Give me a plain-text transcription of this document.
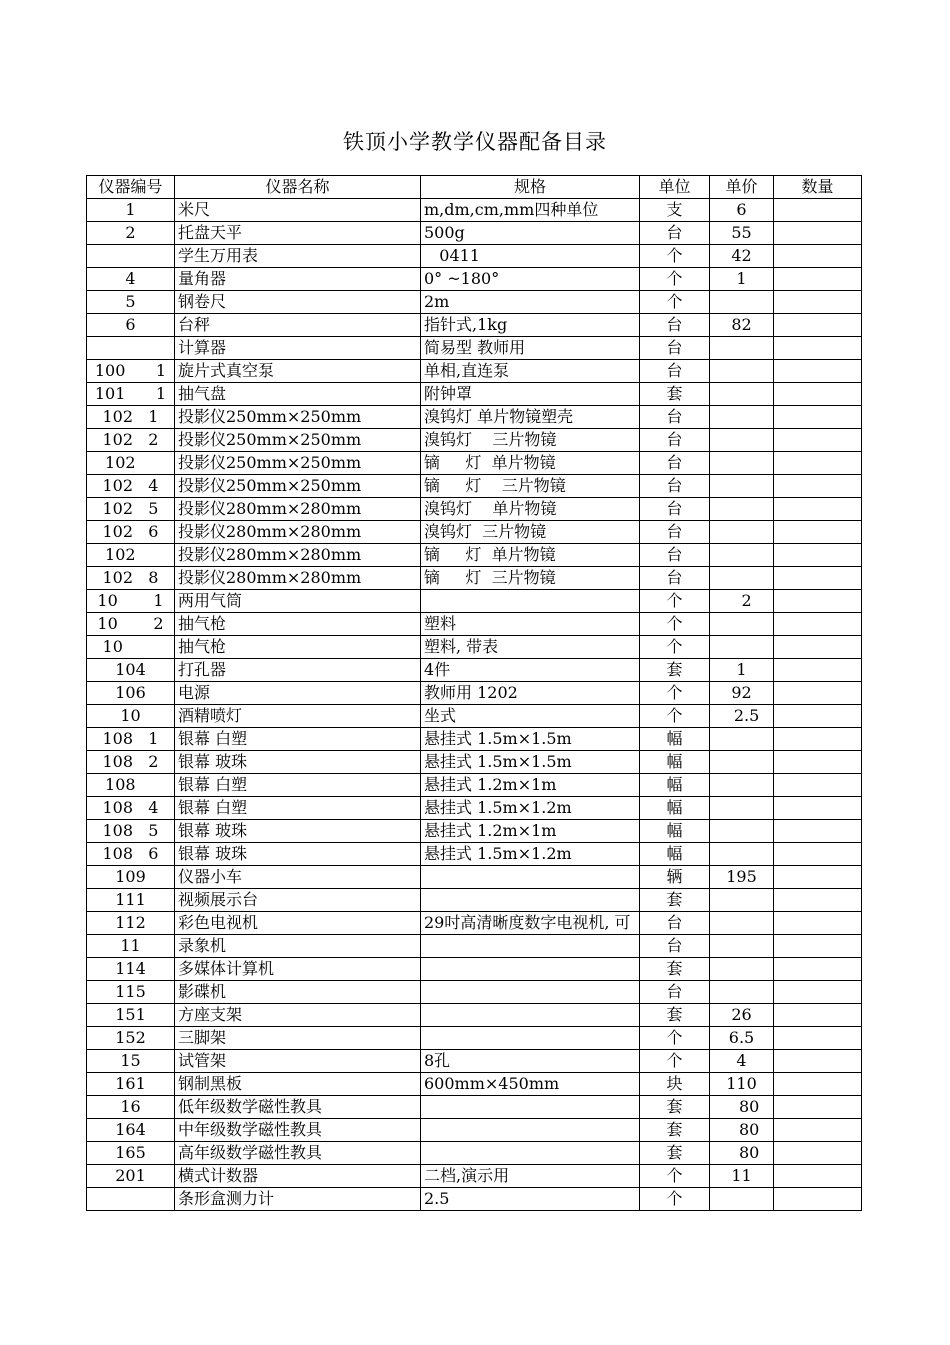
铁顶小学教学仪器配备目录
仪器编号	仪器名称	规格	单位	单价	数量
1	米尺	m,dm,cm,mm四种单位	支	6	
2	托盘天平	500g	台	55	
	学生万用表	0411	个	42	
4	量角器	0° ~180°	个	1	
5	钢卷尺	2m	个		
6	台秤	指针式,1kg	台	82	
	计算器	简易型 教师用	台		
100      1	旋片式真空泵	单相,直连泵	台		
101      1	抽气盘	附钟罩	套		
102   1	投影仪250mm×250mm	溴钨灯 单片物镜塑壳	台		
102   2	投影仪250mm×250mm	溴钨灯    三片物镜	台		
102	投影仪250mm×250mm	镝     灯  单片物镜	台		
102   4	投影仪250mm×250mm	镝     灯    三片物镜	台		
102   5	投影仪280mm×280mm	溴钨灯    单片物镜	台		
102   6	投影仪280mm×280mm	溴钨灯  三片物镜	台		
102	投影仪280mm×280mm	镝     灯  单片物镜	台		
102   8	投影仪280mm×280mm	镝     灯  三片物镜	台		
10       1	两用气筒		个	2	
10       2	抽气枪	塑料	个		
10	抽气枪	塑料, 带表	个		
104	打孔器	4件	套	1	
106	电源	教师用 1202	个	92	
10	酒精喷灯	坐式	个	2.5	
108   1	银幕 白塑	悬挂式 1.5m×1.5m	幅		
108   2	银幕 玻珠	悬挂式 1.5m×1.5m	幅		
108	银幕 白塑	悬挂式 1.2m×1m	幅		
108   4	银幕 白塑	悬挂式 1.5m×1.2m	幅		
108   5	银幕 玻珠	悬挂式 1.2m×1m	幅		
108   6	银幕 玻珠	悬挂式 1.5m×1.2m	幅		
109	仪器小车		辆	195	
111	视频展示台		套		
112	彩色电视机	29吋高清晰度数字电视机, 可	台		
11	录象机		台		
114	多媒体计算机		套		
115	影碟机		台		
151	方座支架		套	26	
152	三脚架		个	6.5	
15	试管架	8孔	个	4	
161	钢制黑板	600mm×450mm	块	110	
16	低年级数学磁性教具		套	80	
164	中年级数学磁性教具		套	80	
165	高年级数学磁性教具		套	80	
201	横式计数器	二档,演示用	个	11	
	条形盒测力计	2.5	个		
